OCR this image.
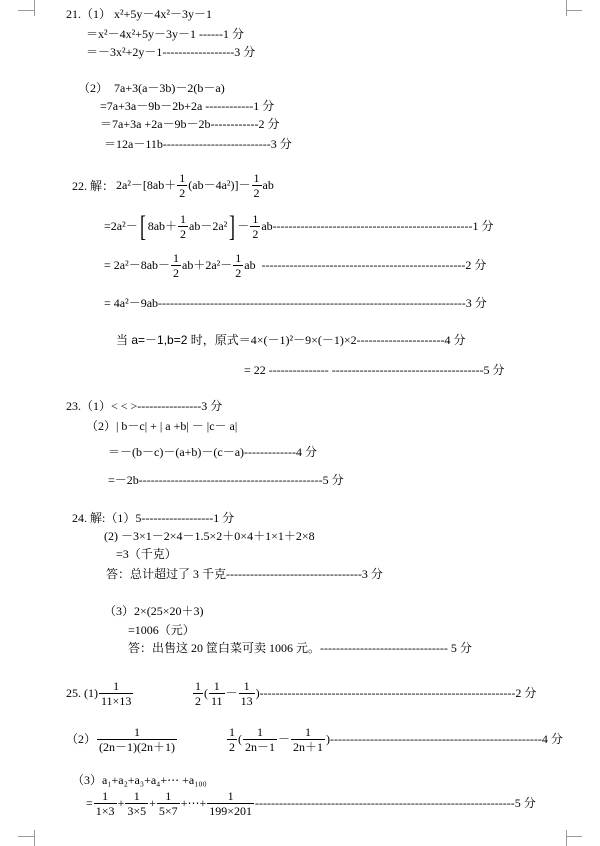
21.（1） x²+5y－4x²－3y－1
＝x²－4x²+5y－3y－1 ------1 分
＝－3x²+2y－1------------------3 分
（2） 7a+3(a－3b)－2(b－a)
=7a+3a－9b－2b+2a ------------1 分
＝7a+3a +2a－9b－2b------------2 分
＝12a－11b---------------------------3 分
22. 解： $2a^2-[8ab+ \frac{1}{2} (ab-4a^2)]- \frac{1}{2}$ ab
=2a²－[ $8ab+ \frac{1}{2} ab-2a^2] - \frac{1}{2} ab--------------------------------------------------1$ 分
= $2a^2-8ab- \frac{1}{2} ab+2a^2- \frac{1}{2}$ ab ---------------------------------------------------2 分
= 4a²－9ab-----------------------------------------------------------------------------3 分
当 a=－1,b=2 时，原式＝4×(－1)²－9×(－1)×2----------------------4 分
= 22 --------------- --------------------------------------5 分
23.（1）< < >----------------3 分
（2）| b－c| + | a +b| － |c－ a|
＝－(b－c)－(a+b)－(c－a)-------------4 分
=－2b----------------------------------------------5 分
24. 解:（1）5------------------1 分
(2) －3×1－2×4－1.5×2＋0×4＋1×1＋2×8
=3（千克）
答：总计超过了 3 千克----------------------------------3 分
（3）2×(25×20＋3)
=1006（元）
答：出售这 20 筐白菜可卖 1006 元。-------------------------------- 5 分
25. $(1) \frac{1}{11\times 13}$	$\frac{1}{2}$ ( $\frac{1}{11} - \frac{1}{13} )----------------------------------------------------------------2$ 分
$(2) \frac{1}{(2n-1)(2n+1)}$	$\frac{1}{2}$ ( $\frac{1}{2n-1} - \frac{1}{2n+1} )-----------------------------------------------------4$ 分
（3）a₁+a₂+a₃+a₄+⋯ +a₁₀₀
= $\frac{1}{1\times 3} + \frac{1}{3\times 5} + \frac{1}{5\times 7}$ +⋯+ $\frac{1}{199\times 201} -----------------------------------------------------------------5$ 分
